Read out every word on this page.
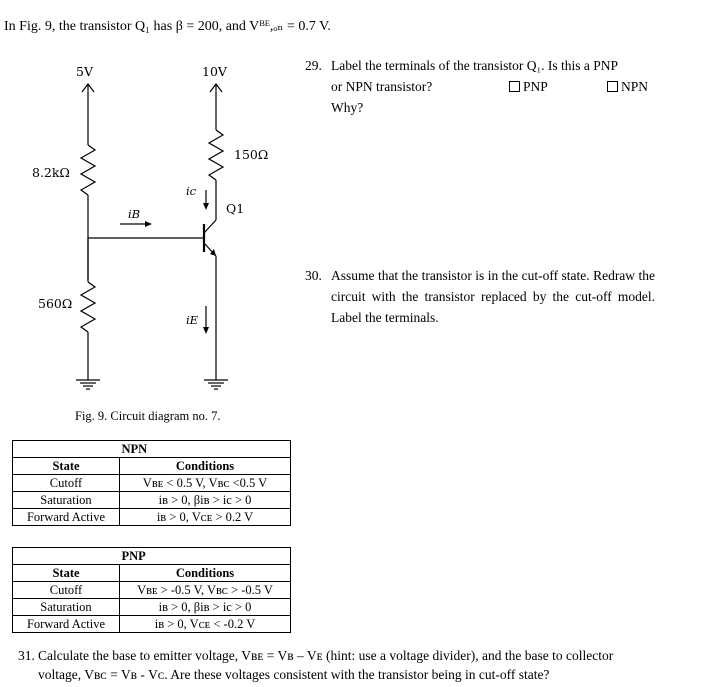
In Fig. 9, the transistor Q₁ has β = 200, and Vᴮᴱ,ₒₙ = 0.7 V.
5V	10V
8.2kΩ
560Ω
150Ω
iB
ic
iE
Q1
Fig. 9. Circuit diagram no. 7.
29. Label the terminals of the transistor Q₁. Is this a PNP
or NPN transistor?	PNP	NPN
Why?
30. Assume that the transistor is in the cut-off state. Redraw the circuit with the transistor replaced by the cut-off model. Label the terminals.
	NPN
State	Conditions
Cutoff	Vʙᴇ < 0.5 V, Vʙᴄ <0.5 V
Saturation	iʙ > 0, βiʙ > ic > 0
Forward Active	iʙ > 0, Vᴄᴇ > 0.2 V
	PNP
State	Conditions
Cutoff	Vʙᴇ > -0.5 V, Vʙᴄ > -0.5 V
Saturation	iʙ > 0, βiʙ > ic > 0
Forward Active	iʙ > 0, Vᴄᴇ < -0.2 V
31. Calculate the base to emitter voltage, Vʙᴇ = Vʙ – Vᴇ (hint: use a voltage divider), and the base to collector
voltage, Vʙᴄ = Vʙ - Vᴄ. Are these voltages consistent with the transistor being in cut-off state?
